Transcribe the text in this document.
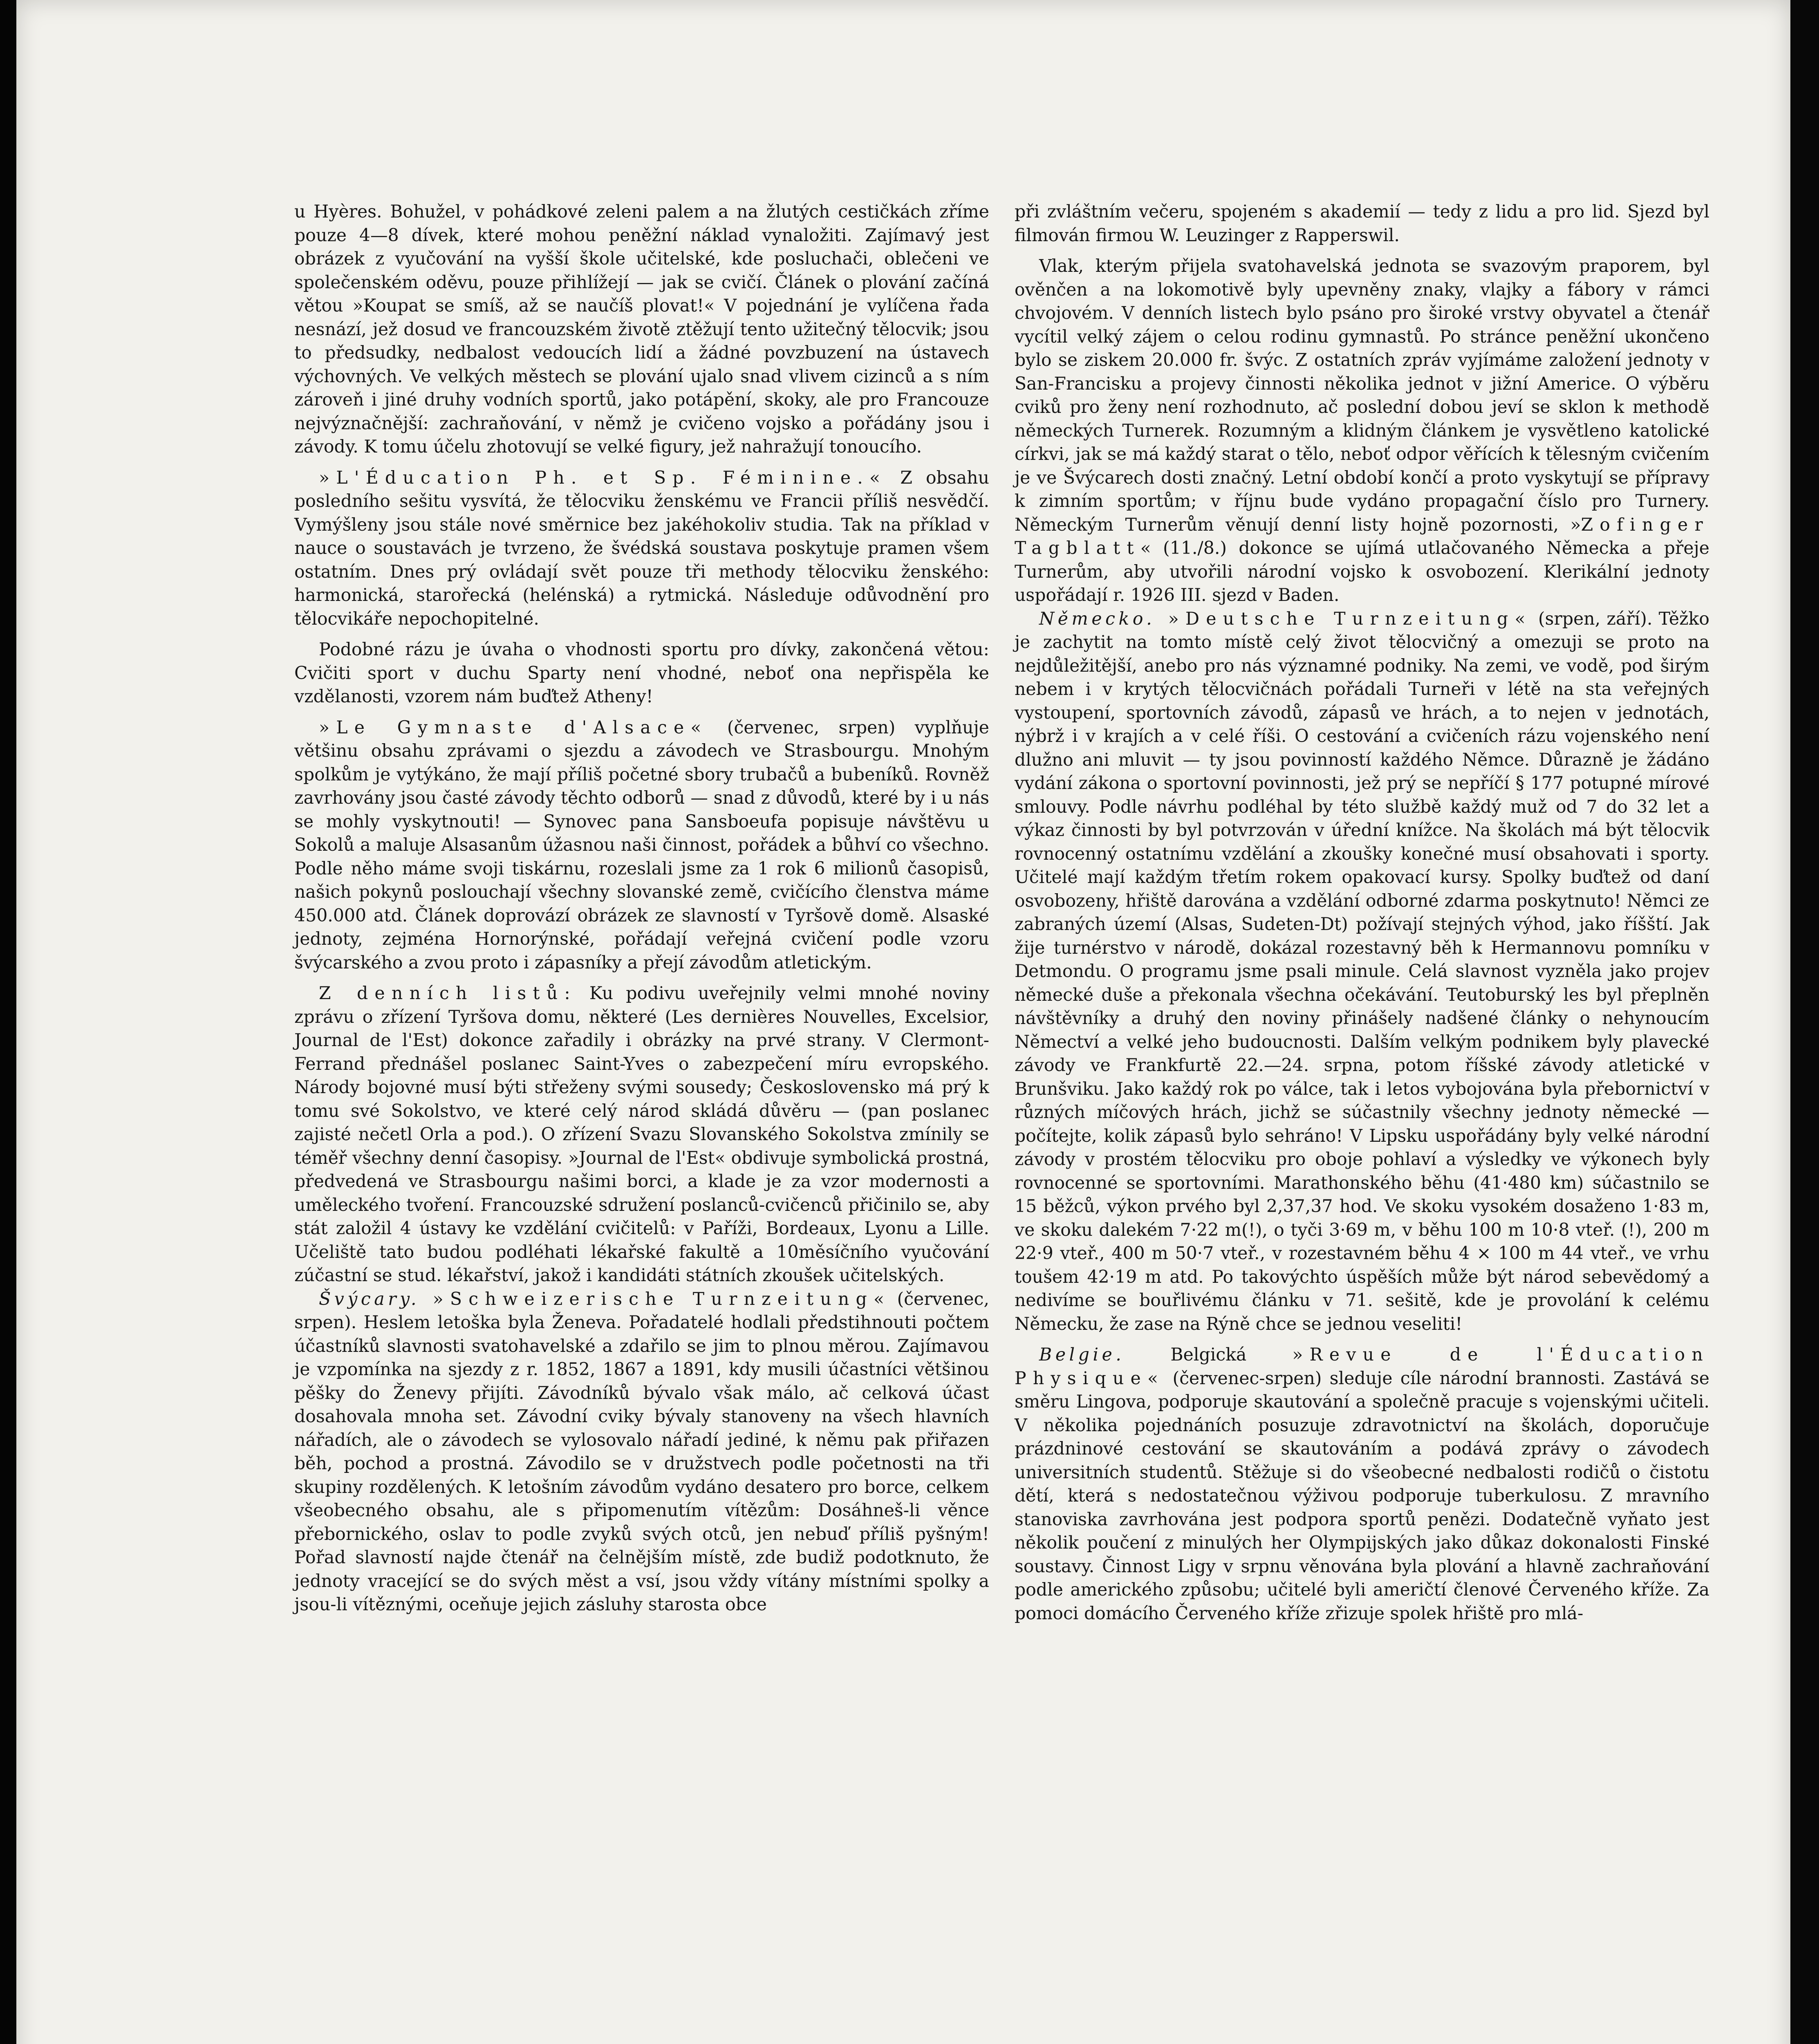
u Hyères. Bohužel, v pohádkové zeleni palem a na žlutých cestičkách zříme pouze 4—8 dívek, které mohou peněžní náklad vynaložiti. Zajímavý jest obrázek z vyučování na vyšší škole učitelské, kde posluchači, oblečeni ve společenském oděvu, pouze přihlížejí — jak se cvičí. Článek o plování začíná větou »Koupat se smíš, až se naučíš plovat!« V pojednání je vylíčena řada nesnází, jež dosud ve francouzském životě ztěžují tento užitečný tělocvik; jsou to předsudky, nedbalost vedoucích lidí a žádné povzbuzení na ústavech výchovných. Ve velkých městech se plování ujalo snad vlivem cizinců a s ním zároveň i jiné druhy vodních sportů, jako potápění, skoky, ale pro Francouze nejvýznačnější: zachraňování, v němž je cvičeno vojsko a pořádány jsou i závody. K tomu účelu zhotovují se velké figury, jež nahražují tonoucího.

»L'Éducation Ph. et Sp. Féminine.« Z obsahu posledního sešitu vysvítá, že tělocviku ženskému ve Francii příliš nesvědčí. Vymýšleny jsou stále nové směrnice bez jakéhokoliv studia. Tak na příklad v nauce o soustavách je tvrzeno, že švédská soustava poskytuje pramen všem ostatním. Dnes prý ovládají svět pouze tři methody tělocviku ženského: harmonická, starořecká (helénská) a rytmická. Následuje odůvodnění pro tělocvikáře nepochopitelné.

Podobné rázu je úvaha o vhodnosti sportu pro dívky, zakončená větou: Cvičiti sport v duchu Sparty není vhodné, neboť ona nepřispěla ke vzdělanosti, vzorem nám buďtež Atheny!

»Le Gymnaste d'Alsace« (červenec, srpen) vyplňuje většinu obsahu zprávami o sjezdu a závodech ve Strasbourgu. Mnohým spolkům je vytýkáno, že mají příliš početné sbory trubačů a bubeníků. Rovněž zavrhovány jsou časté závody těchto odborů — snad z důvodů, které by i u nás se mohly vyskytnouti! — Synovec pana Sansboeufa popisuje návštěvu u Sokolů a maluje Alsasanům úžasnou naši činnost, pořádek a bůhví co všechno. Podle něho máme svoji tiskárnu, rozeslali jsme za 1 rok 6 milionů časopisů, našich pokynů poslouchají všechny slovanské země, cvičícího členstva máme 450.000 atd. Článek doprovází obrázek ze slavností v Tyršově domě. Alsaské jednoty, zejména Hornorýnské, pořádají veřejná cvičení podle vzoru švýcarského a zvou proto i zápasníky a přejí závodům atletickým.

Z denních listů: Ku podivu uveřejnily velmi mnohé noviny zprávu o zřízení Tyršova domu, některé (Les dernières Nouvelles, Excelsior, Journal de l'Est) dokonce zařadily i obrázky na prvé strany. V Clermont-Ferrand přednášel poslanec Saint-Yves o zabezpečení míru evropského. Národy bojovné musí býti střeženy svými sousedy; Československo má prý k tomu své Sokolstvo, ve které celý národ skládá důvěru — (pan poslanec zajisté nečetl Orla a pod.). O zřízení Svazu Slovanského Sokolstva zmínily se téměř všechny denní časopisy. »Journal de l'Est« obdivuje symbolická prostná, předvedená ve Strasbourgu našimi borci, a klade je za vzor modernosti a uměleckého tvoření. Francouzské sdružení poslanců-cvičenců přičinilo se, aby stát založil 4 ústavy ke vzdělání cvičitelů: v Paříži, Bordeaux, Lyonu a Lille. Učeliště tato budou podléhati lékařské fakultě a 10měsíčního vyučování zúčastní se stud. lékařství, jakož i kandidáti státních zkoušek učitelských.

Švýcary. »Schweizerische Turnzeitung« (červenec, srpen). Heslem letoška byla Ženeva. Pořadatelé hodlali předstihnouti počtem účastníků slavnosti svatohavelské a zdařilo se jim to plnou měrou. Zajímavou je vzpomínka na sjezdy z r. 1852, 1867 a 1891, kdy musili účastníci většinou pěšky do Ženevy přijíti. Závodníků bývalo však málo, ač celková účast dosahovala mnoha set. Závodní cviky bývaly stanoveny na všech hlavních nářadích, ale o závodech se vylosovalo nářadí jediné, k němu pak přiřazen běh, pochod a prostná. Závodilo se v družstvech podle početnosti na tři skupiny rozdělených. K letošním závodům vydáno desatero pro borce, celkem všeobecného obsahu, ale s připomenutím vítězům: Dosáhneš-li věnce přebornického, oslav to podle zvyků svých otců, jen nebuď příliš pyšným! Pořad slavností najde čtenář na čelnějším místě, zde budiž podotknuto, že jednoty vracející se do svých měst a vsí, jsou vždy vítány místními spolky a jsou-li vítěznými, oceňuje jejich zásluhy starosta obce

při zvláštním večeru, spojeném s akademií — tedy z lidu a pro lid. Sjezd byl filmován firmou W. Leuzinger z Rapperswil.

Vlak, kterým přijela svatohavelská jednota se svazovým praporem, byl ověnčen a na lokomotivě byly upevněny znaky, vlajky a fábory v rámci chvojovém. V denních listech bylo psáno pro široké vrstvy obyvatel a čtenář vycítil velký zájem o celou rodinu gymnastů. Po stránce peněžní ukončeno bylo se ziskem 20.000 fr. švýc. Z ostatních zpráv vyjímáme založení jednoty v San-Francisku a projevy činnosti několika jednot v jižní Americe. O výběru cviků pro ženy není rozhodnuto, ač poslední dobou jeví se sklon k methodě německých Turnerek. Rozumným a klidným článkem je vysvětleno katolické církvi, jak se má každý starat o tělo, neboť odpor věřících k tělesným cvičením je ve Švýcarech dosti značný. Letní období končí a proto vyskytují se přípravy k zimním sportům; v říjnu bude vydáno propagační číslo pro Turnery. Německým Turnerům věnují denní listy hojně pozornosti, »Zofinger Tagblatt« (11./8.) dokonce se ujímá utlačovaného Německa a přeje Turnerům, aby utvořili národní vojsko k osvobození. Klerikální jednoty uspořádají r. 1926 III. sjezd v Baden.

Německo. »Deutsche Turnzeitung« (srpen, září). Těžko je zachytit na tomto místě celý život tělocvičný a omezuji se proto na nejdůležitější, anebo pro nás významné podniky. Na zemi, ve vodě, pod širým nebem i v krytých tělocvičnách pořádali Turneři v létě na sta veřejných vystoupení, sportovních závodů, zápasů ve hrách, a to nejen v jednotách, nýbrž i v krajích a v celé říši. O cestování a cvičeních rázu vojenského není dlužno ani mluvit — ty jsou povinností každého Němce. Důrazně je žádáno vydání zákona o sportovní povinnosti, jež prý se nepříčí § 177 potupné mírové smlouvy. Podle návrhu podléhal by této službě každý muž od 7 do 32 let a výkaz činnosti by byl potvrzován v úřední knížce. Na školách má být tělocvik rovnocenný ostatnímu vzdělání a zkoušky konečné musí obsahovati i sporty. Učitelé mají každým třetím rokem opakovací kursy. Spolky buďtež od daní osvobozeny, hřiště darována a vzdělání odborné zdarma poskytnuto! Němci ze zabraných území (Alsas, Sudeten-Dt) požívají stejných výhod, jako říšští. Jak žije turnérstvo v národě, dokázal rozestavný běh k Hermannovu pomníku v Detmondu. O programu jsme psali minule. Celá slavnost vyzněla jako projev německé duše a překonala všechna očekávání. Teutoburský les byl přeplněn návštěvníky a druhý den noviny přinášely nadšené články o nehynoucím Němectví a velké jeho budoucnosti. Dalším velkým podnikem byly plavecké závody ve Frankfurtě 22.—24. srpna, potom říšské závody atletické v Brunšviku. Jako každý rok po válce, tak i letos vybojována byla přebornictví v různých míčových hrách, jichž se súčastnily všechny jednoty německé — počítejte, kolik zápasů bylo sehráno! V Lipsku uspořádány byly velké národní závody v prostém tělocviku pro oboje pohlaví a výsledky ve výkonech byly rovnocenné se sportovními. Marathonského běhu (41·480 km) súčastnilo se 15 běžců, výkon prvého byl 2,37,37 hod. Ve skoku vysokém dosaženo 1·83 m, ve skoku dalekém 7·22 m(!), o tyči 3·69 m, v běhu 100 m 10·8 vteř. (!), 200 m 22·9 vteř., 400 m 50·7 vteř., v rozestavném běhu 4 × 100 m 44 vteř., ve vrhu toušem 42·19 m atd. Po takovýchto úspěších může být národ sebevědomý a nedivíme se bouřlivému článku v 71. sešitě, kde je provolání k celému Německu, že zase na Rýně chce se jednou veseliti!

Belgie. Belgická »Revue de l'Éducation Physique« (červenec-srpen) sleduje cíle národní brannosti. Zastává se směru Lingova, podporuje skautování a společně pracuje s vojenskými učiteli. V několika pojednáních posuzuje zdravotnictví na školách, doporučuje prázdninové cestování se skautováním a podává zprávy o závodech universitních studentů. Stěžuje si do všeobecné nedbalosti rodičů o čistotu dětí, která s nedostatečnou výživou podporuje tuberkulosu. Z mravního stanoviska zavrhována jest podpora sportů penězi. Dodatečně vyňato jest několik poučení z minulých her Olympijských jako důkaz dokonalosti Finské soustavy. Činnost Ligy v srpnu věnována byla plování a hlavně zachraňování podle amerického způsobu; učitelé byli američtí členové Červeného kříže. Za pomoci domácího Červeného kříže zřizuje spolek hřiště pro mlá-
